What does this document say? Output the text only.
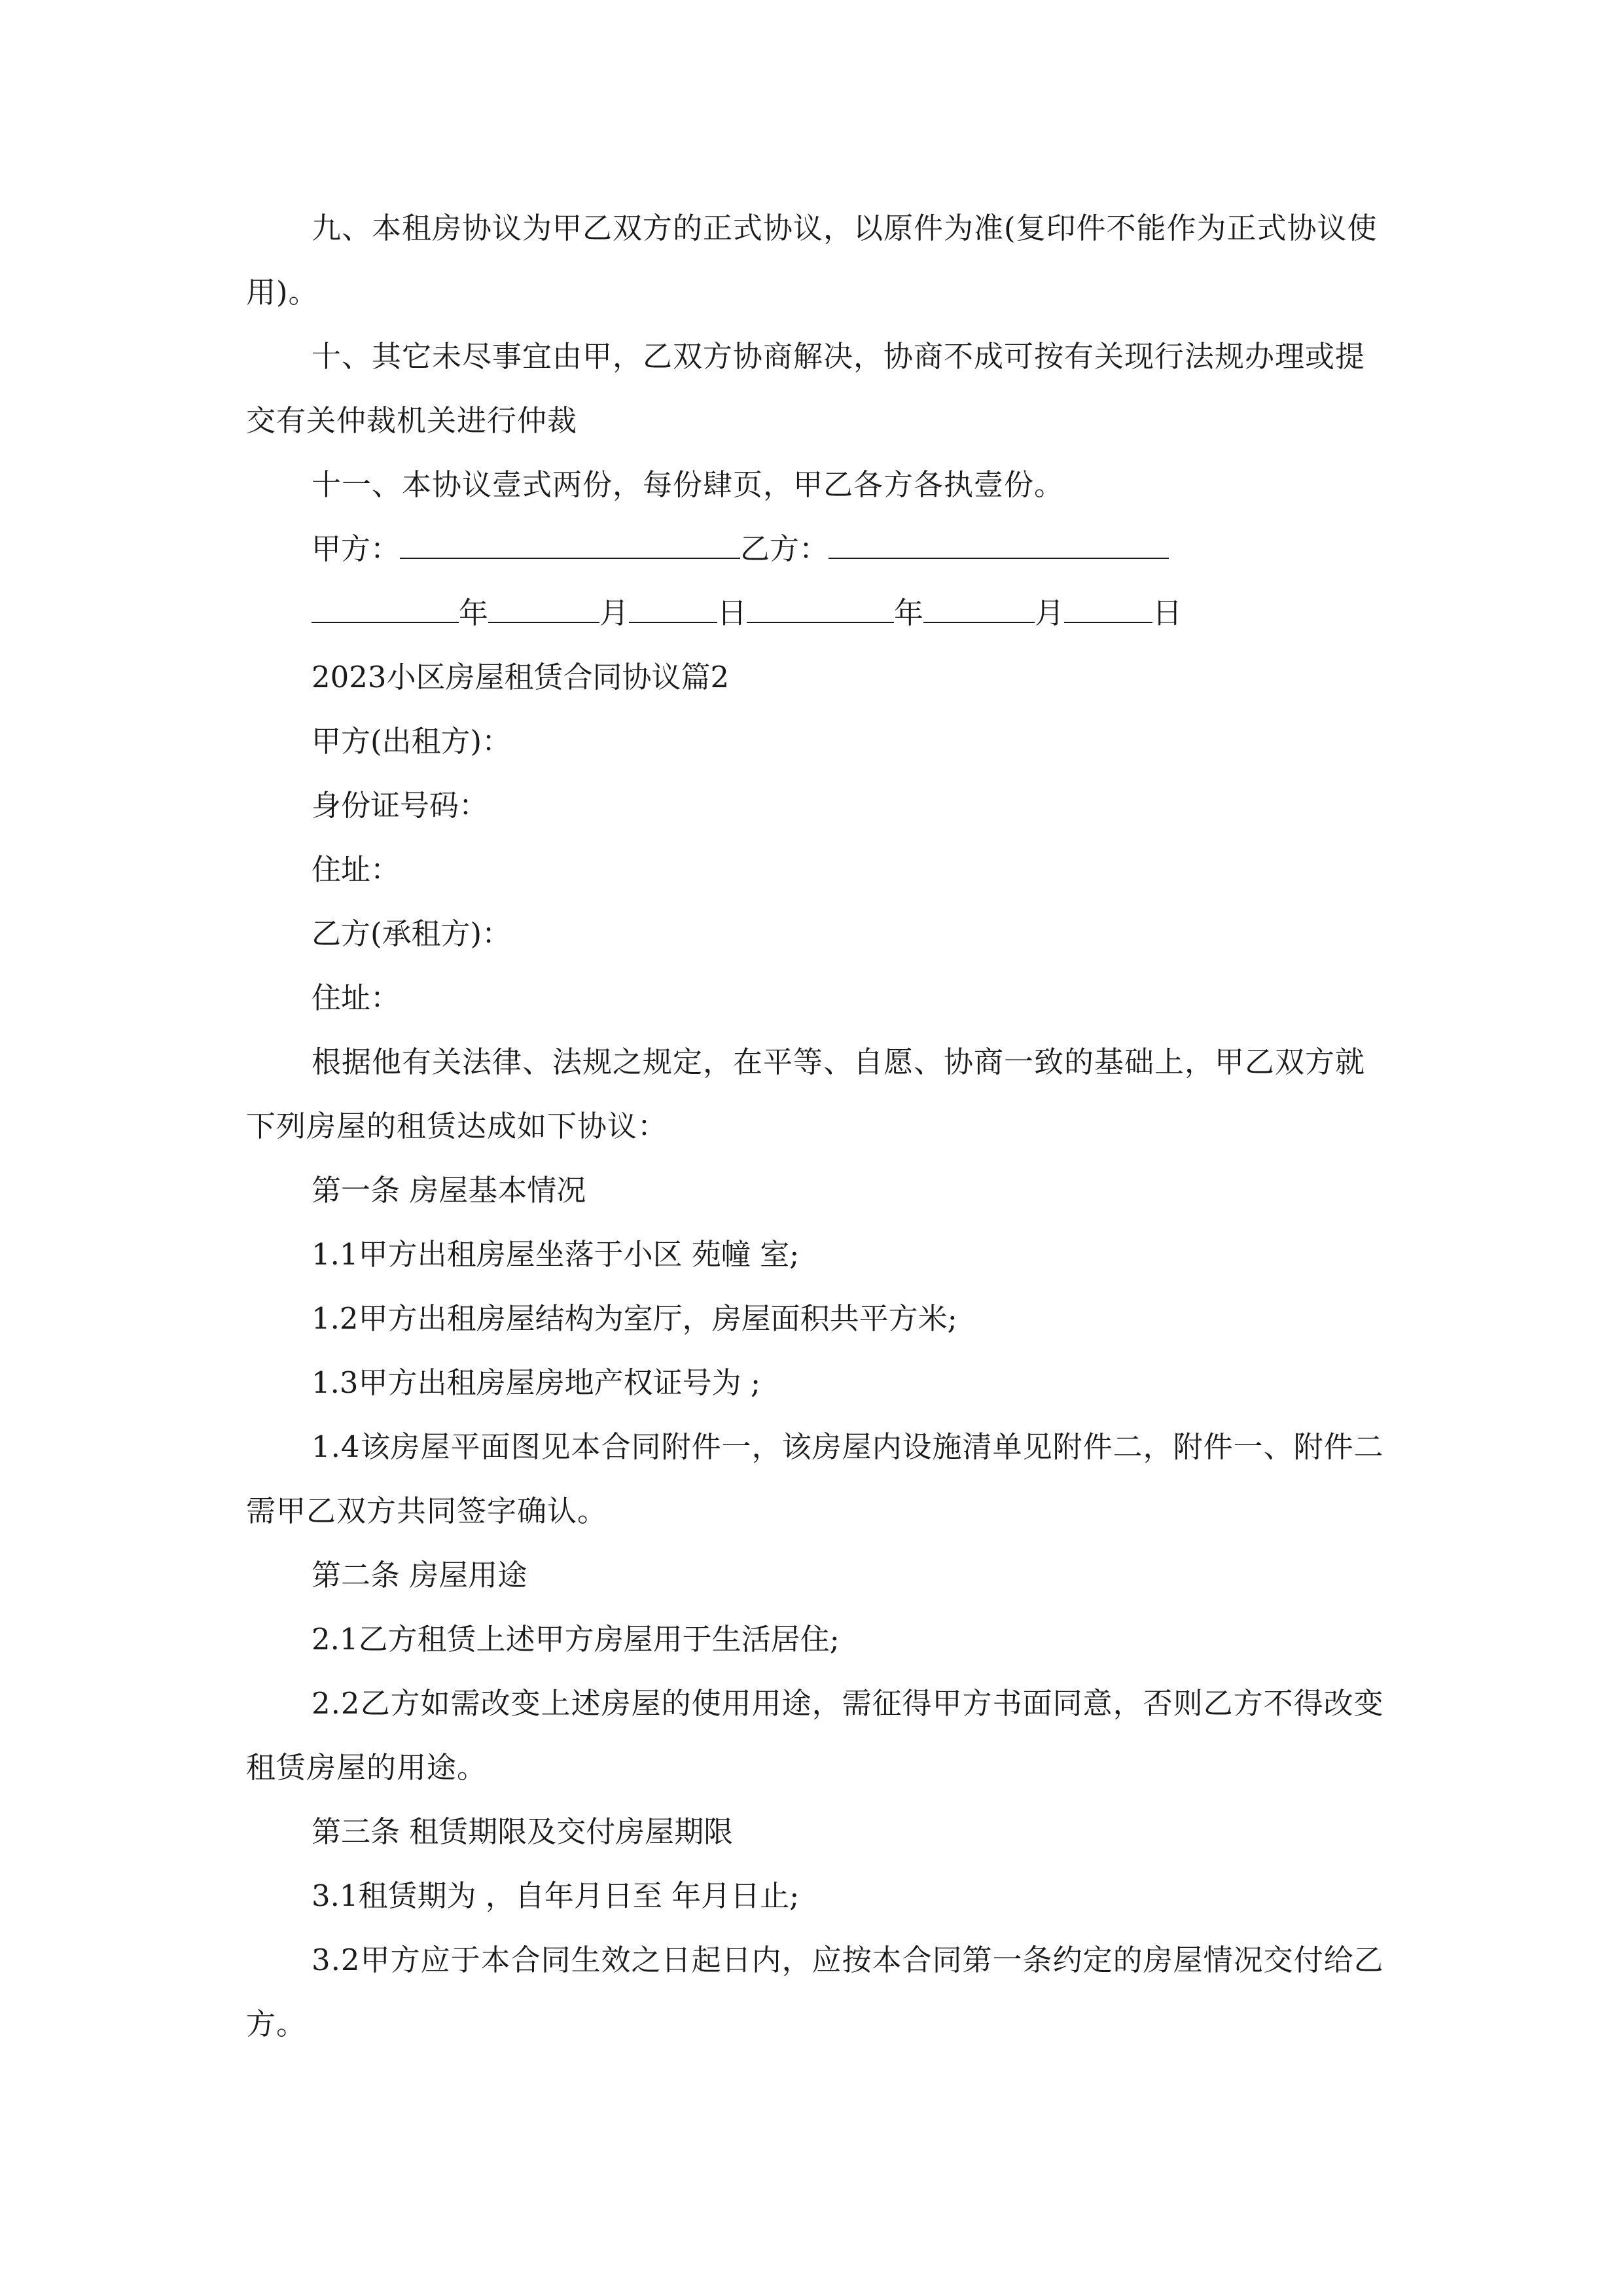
九、本租房协议为甲乙双方的正式协议，以原件为准(复印件不能作为正式协议使用)。

十、其它未尽事宜由甲，乙双方协商解决，协商不成可按有关现行法规办理或提交有关仲裁机关进行仲裁

十一、本协议壹式两份，每份肆页，甲乙各方各执壹份。

甲方：	乙方：
年	月	日	年	月	日
2023小区房屋租赁合同协议篇2
甲方(出租方)：
身份证号码：
住址：
乙方(承租方)：
住址：

根据他有关法律、法规之规定，在平等、自愿、协商一致的基础上，甲乙双方就下列房屋的租赁达成如下协议：

第一条 房屋基本情况
1.1甲方出租房屋坐落于小区 苑幢 室;
1.2甲方出租房屋结构为室厅，房屋面积共平方米;
1.3甲方出租房屋房地产权证号为 ;

1.4该房屋平面图见本合同附件一，该房屋内设施清单见附件二，附件一、附件二需甲乙双方共同签字确认。

第二条 房屋用途
2.1乙方租赁上述甲方房屋用于生活居住;

2.2乙方如需改变上述房屋的使用用途，需征得甲方书面同意，否则乙方不得改变租赁房屋的用途。

第三条 租赁期限及交付房屋期限
3.1租赁期为 ，自年月日至 年月日止;

3.2甲方应于本合同生效之日起日内，应按本合同第一条约定的房屋情况交付给乙方。
